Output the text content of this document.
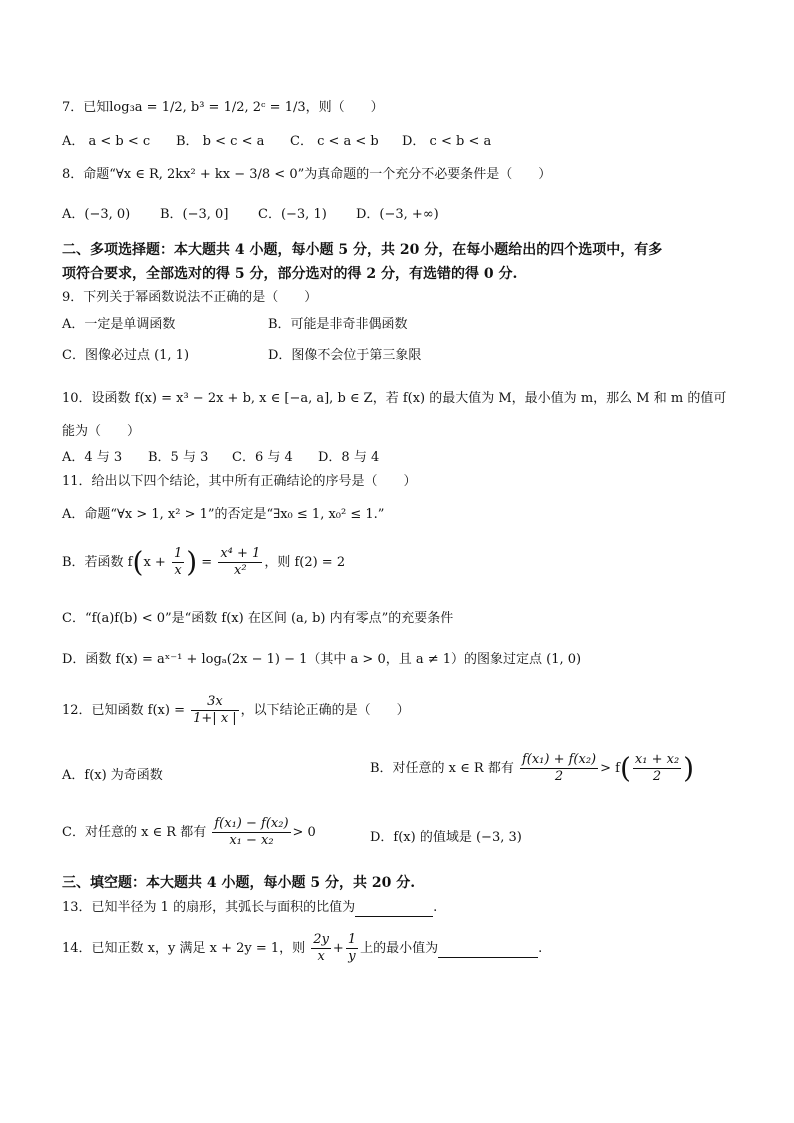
7．已知log₃a = 1/2, b³ = 1/2, 2ᶜ = 1/3，则（　　）
A． a < b < c B． b < c < a C． c < a < b D． c < b < a
8．命题“∀x ∈ R, 2kx² + kx − 3/8 < 0”为真命题的一个充分不必要条件是（　　）
A．(−3, 0) B．(−3, 0] C．(−3, 1) D．(−3, +∞)
二、多项选择题：本大题共 4 小题，每小题 5 分，共 20 分，在每小题给出的四个选项中，有多
项符合要求，全部选对的得 5 分，部分选对的得 2 分，有选错的得 0 分.
9．下列关于幂函数说法不正确的是（　　）
A．一定是单调函数	B．可能是非奇非偶函数
C．图像必过点 (1, 1)	D．图像不会位于第三象限
10．设函数 f(x) = x³ − 2x + b, x ∈ [−a, a], b ∈ Z，若 f(x) 的最大值为 M，最小值为 m，那么 M 和 m 的值可
能为（　　）
A．4 与 3 B．5 与 3 C．6 与 4 D．8 与 4
11．给出以下四个结论，其中所有正确结论的序号是（　　）
A．命题“∀x > 1, x² > 1”的否定是“∃x₀ ≤ 1, x₀² ≤ 1.”
B．若函数 $f(x + \frac{1}{x}$ ) = $\frac{\text{x⁴ + 1}}{\text{x²}}$ ，则 f(2) = 2
C．“f(a)f(b) < 0”是“函数 f(x) 在区间 (a, b) 内有零点”的充要条件
D．函数 f(x) = aˣ⁻¹ + logₐ(2x − 1) − 1（其中 a > 0，且 a ≠ 1）的图象过定点 (1, 0)
12．已知函数 $f(x) = \frac{3x}{1+| x |}$ ，以下结论正确的是（　　）
A．f(x) 为奇函数	B．对任意的 x ∈ R 都有 $\frac{\text{f(x₁) + f(x₂)}}{2} > f( \frac{\text{x₁ + x₂}}{2}$ )
C．对任意的 x ∈ R 都有 $\frac{\text{f(x₁) − f(x₂)}}{\text{x₁ − x₂}} > 0$	D．f(x) 的值域是 (−3, 3)
三、填空题：本大题共 4 小题，每小题 5 分，共 20 分.
13．已知半径为 1 的扇形，其弧长与面积的比值为	.
14．已知正数 x，y 满足 x + 2y = 1，则 $\frac{2y}{x} + \frac{1}{y}$ 上的最小值为	.
